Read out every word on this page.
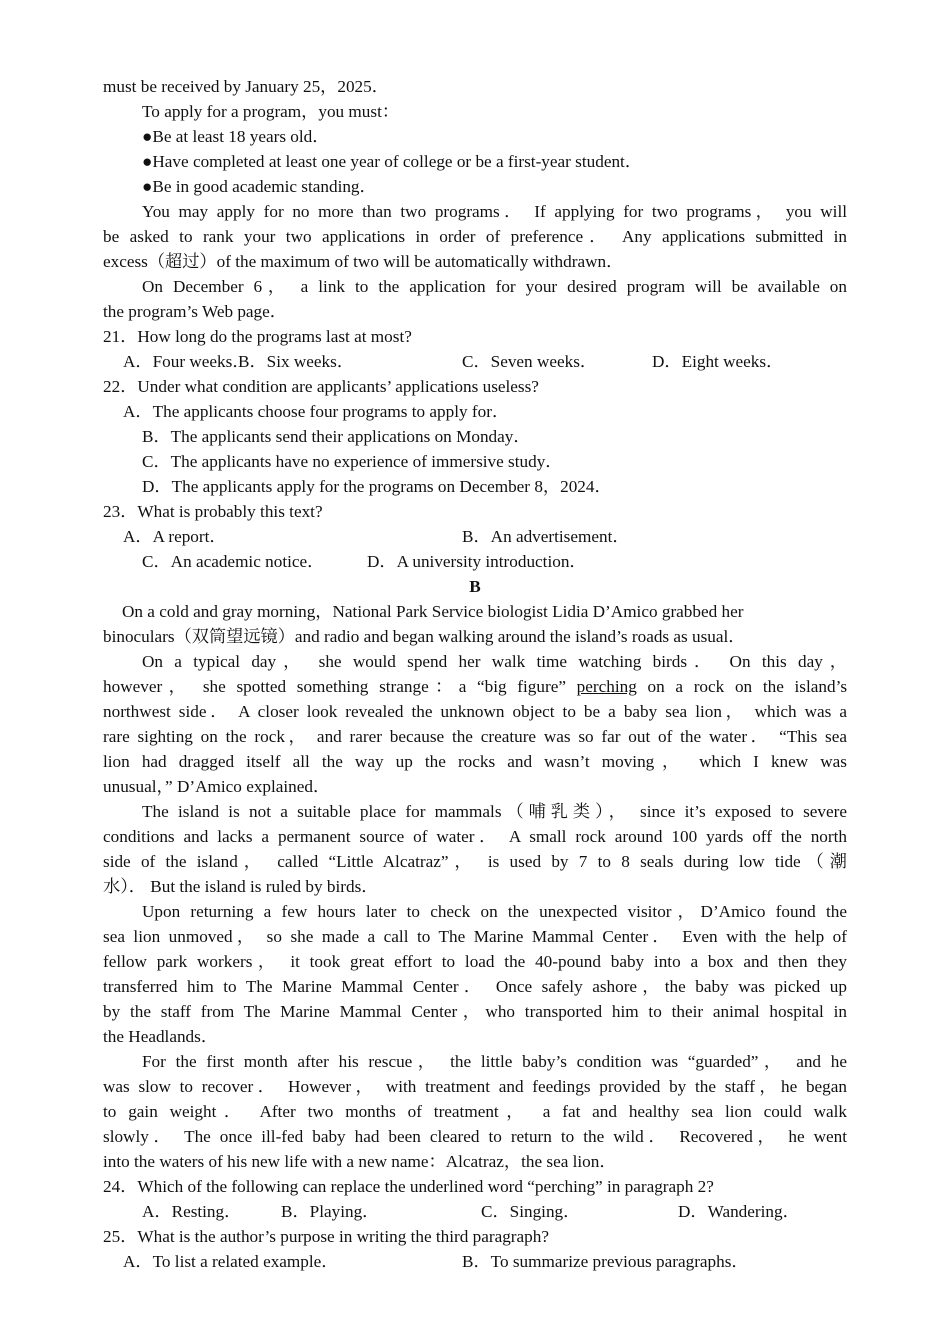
must be received by January 25，2025．
To apply for a program，you must：
●Be at least 18 years old．
●Have completed at least one year of college or be a first-year student．
●Be in good academic standing．
You may apply for no more than two programs． If applying for two programs， you will
be asked to rank your two applications in order of preference． Any applications submitted in
excess（超过）of the maximum of two will be automatically withdrawn．
On December 6， a link to the application for your desired program will be available on
the program’s Web page．
21．How long do the programs last at most?
A．Four weeks．
B．Six weeks．	C．Seven weeks．	D．Eight weeks．
22．Under what condition are applicants’ applications useless?
A．The applicants choose four programs to apply for．
B．The applicants send their applications on Monday．
C．The applicants have no experience of immersive study．
D．The applicants apply for the programs on December 8，2024．
23．What is probably this text?
A．A report．	B．An advertisement．
C．An academic notice． D．A university introduction．
B
On a cold and gray morning，National Park Service biologist Lidia D’Amico grabbed her
binoculars（双筒望远镜）and radio and began walking around the island’s roads as usual．
On a typical day， she would spend her walk time watching birds． On this day，
however， she spotted something strange：a “big figure” perching on a rock on the island’s
northwest side． A closer look revealed the unknown object to be a baby sea lion， which was a
rare sighting on the rock， and rarer because the creature was so far out of the water． “This sea
lion had dragged itself all the way up the rocks and wasn’t moving， which I knew was
unusual，” D’Amico explained．
The island is not a suitable place for mammals（哺乳类）， since it’s exposed to severe
conditions and lacks a permanent source of water． A small rock around 100 yards off the north
side of the island， called “Little Alcatraz”， is used by 7 to 8 seals during low tide（潮
水）． But the island is ruled by birds．
Upon returning a few hours later to check on the unexpected visitor，D’Amico found the
sea lion unmoved， so she made a call to The Marine Mammal Center． Even with the help of
fellow park workers， it took great effort to load the 40-pound baby into a box and then they
transferred him to The Marine Mammal Center． Once safely ashore，the baby was picked up
by the staff from The Marine Mammal Center，who transported him to their animal hospital in
the Headlands．
For the first month after his rescue， the little baby’s condition was “guarded”， and he
was slow to recover． However， with treatment and feedings provided by the staff，he began
to gain weight． After two months of treatment， a fat and healthy sea lion could walk
slowly． The once ill-fed baby had been cleared to return to the wild． Recovered， he went
into the waters of his new life with a new name：Alcatraz，the sea lion．
24．Which of the following can replace the underlined word “perching” in paragraph 2?
A．Resting． B．Playing．	C．Singing．	D．Wandering．
25．What is the author’s purpose in writing the third paragraph?
A．To list a related example．	B．To summarize previous paragraphs．
